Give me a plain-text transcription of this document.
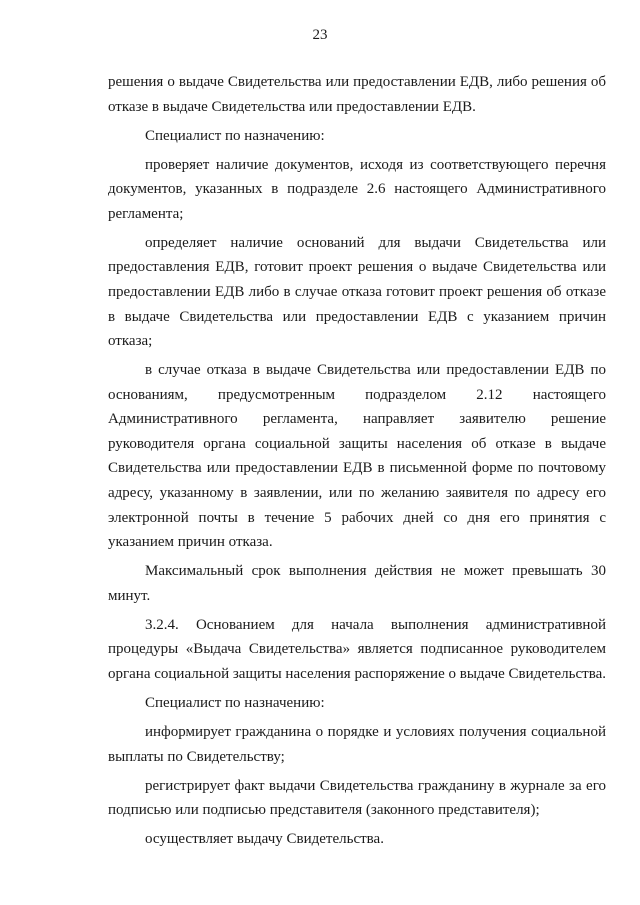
23

решения о выдаче Свидетельства или предоставлении ЕДВ, либо решения об отказе в выдаче Свидетельства или предоставлении ЕДВ.

Специалист по назначению:

проверяет наличие документов, исходя из соответствующего перечня документов, указанных в подразделе 2.6 настоящего Административного регламента;

определяет наличие оснований для выдачи Свидетельства или предоставления ЕДВ, готовит проект решения о выдаче Свидетельства или предоставлении ЕДВ либо в случае отказа готовит проект решения об отказе в выдаче Свидетельства или предоставлении ЕДВ с указанием причин отказа;

в случае отказа в выдаче Свидетельства или предоставлении ЕДВ по основаниям, предусмотренным подразделом 2.12 настоящего Административного регламента, направляет заявителю решение руководителя органа социальной защиты населения об отказе в выдаче Свидетельства или предоставлении ЕДВ в письменной форме по почтовому адресу, указанному в заявлении, или по желанию заявителя по адресу его электронной почты в течение 5 рабочих дней со дня его принятия с указанием причин отказа.

Максимальный срок выполнения действия не может превышать 30 минут.

3.2.4. Основанием для начала выполнения административной процедуры «Выдача Свидетельства» является подписанное руководителем органа социальной защиты населения распоряжение о выдаче Свидетельства.

Специалист по назначению:

информирует гражданина о порядке и условиях получения социальной выплаты по Свидетельству;

регистрирует факт выдачи Свидетельства гражданину в журнале за его подписью или подписью представителя (законного представителя);

осуществляет выдачу Свидетельства.
